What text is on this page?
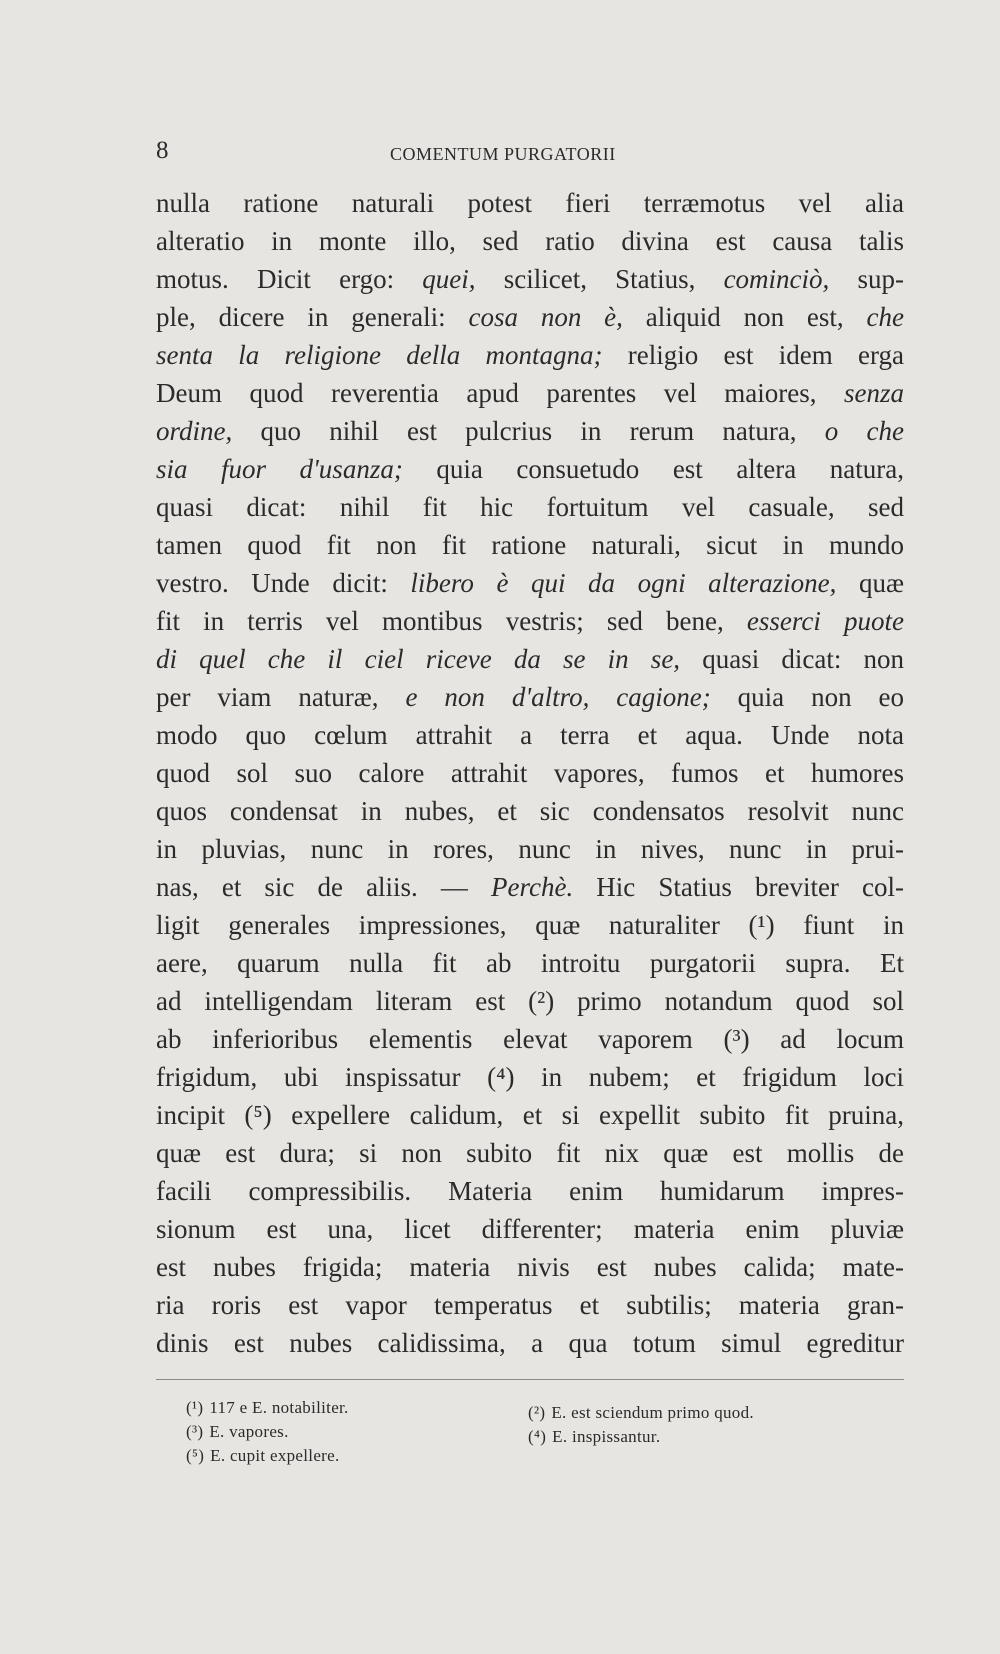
8	COMENTUM PURGATORII
nulla ratione naturali potest fieri terræmotus vel alia
alteratio in monte illo, sed ratio divina est causa talis
motus. Dicit ergo: quei, scilicet, Statius, cominciò, sup-
ple, dicere in generali: cosa non è, aliquid non est, che
senta la religione della montagna; religio est idem erga
Deum quod reverentia apud parentes vel maiores, senza
ordine, quo nihil est pulcrius in rerum natura, o che
sia fuor d'usanza; quia consuetudo est altera natura,
quasi dicat: nihil fit hic fortuitum vel casuale, sed
tamen quod fit non fit ratione naturali, sicut in mundo
vestro. Unde dicit: libero è qui da ogni alterazione, quæ
fit in terris vel montibus vestris; sed bene, esserci puote
di quel che il ciel riceve da se in se, quasi dicat: non
per viam naturæ, e non d'altro, cagione; quia non eo
modo quo cœlum attrahit a terra et aqua. Unde nota
quod sol suo calore attrahit vapores, fumos et humores
quos condensat in nubes, et sic condensatos resolvit nunc
in pluvias, nunc in rores, nunc in nives, nunc in prui-
nas, et sic de aliis. — Perchè. Hic Statius breviter col-
ligit generales impressiones, quæ naturaliter (¹) fiunt in
aere, quarum nulla fit ab introitu purgatorii supra. Et
ad intelligendam literam est (²) primo notandum quod sol
ab inferioribus elementis elevat vaporem (³) ad locum
frigidum, ubi inspissatur (⁴) in nubem; et frigidum loci
incipit (⁵) expellere calidum, et si expellit subito fit pruina,
quæ est dura; si non subito fit nix quæ est mollis de
facili compressibilis. Materia enim humidarum impres-
sionum est una, licet differenter; materia enim pluviæ
est nubes frigida; materia nivis est nubes calida; mate-
ria roris est vapor temperatus et subtilis; materia gran-
dinis est nubes calidissima, a qua totum simul egreditur
(¹) 117 e E. notabiliter.
(³) E. vapores.
(⁵) E. cupit expellere.
(²) E. est sciendum primo quod.
(⁴) E. inspissantur.
